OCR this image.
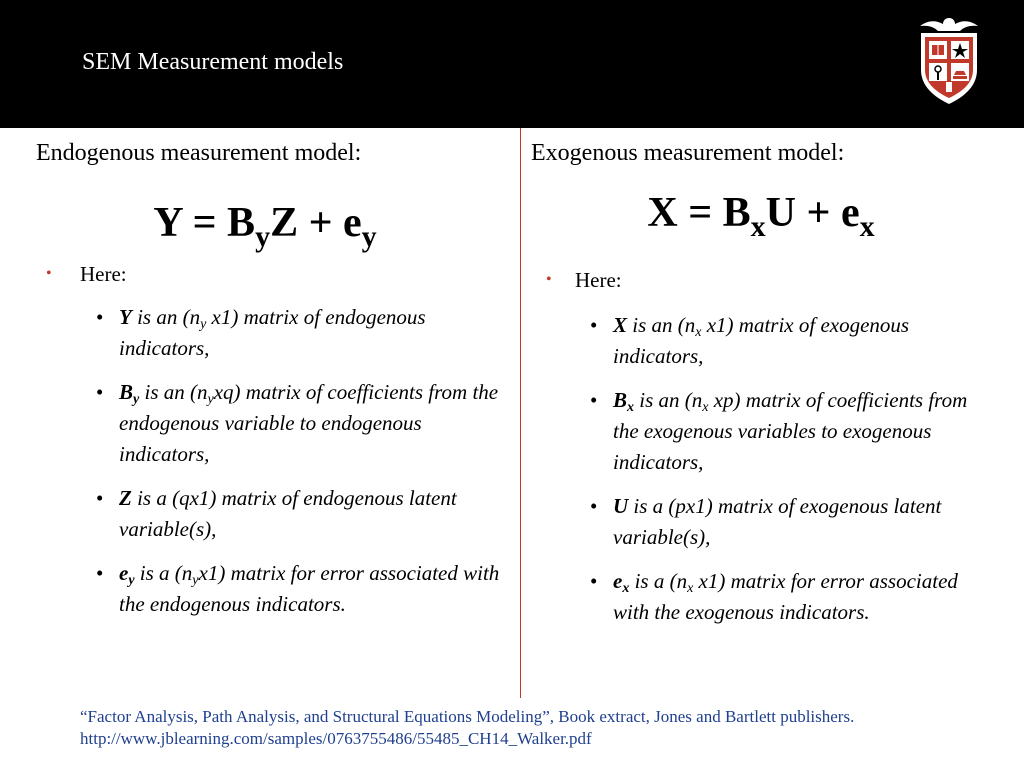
SEM Measurement models
Endogenous measurement model:
$Y = B_yZ + e_y$
• Here:
• Y is an ($n_y$ x1) matrix of endogenous indicators,
• $B_y$ is an $(n_yxq)$ matrix of coefficients from the endogenous variable to endogenous indicators,
• Z is a (qx1) matrix of endogenous latent variable(s),
• $e_y$ is a $(n_yx1)$ matrix for error associated with the endogenous indicators.
Exogenous measurement model:
$X = B_xU + e_x$
• Here:
• X is an ($n_x$ x1) matrix of exogenous indicators,
• $B_x$ is an ($n_x$ xp) matrix of coefficients from the exogenous variables to exogenous indicators,
• U is a (px1) matrix of exogenous latent variable(s),
• $e_x$ is a ($n_x$ x1) matrix for error associated with the exogenous indicators.
“Factor Analysis, Path Analysis, and Structural Equations Modeling”, Book extract, Jones and Bartlett publishers.
http://www.jblearning.com/samples/0763755486/55485_CH14_Walker.pdf
